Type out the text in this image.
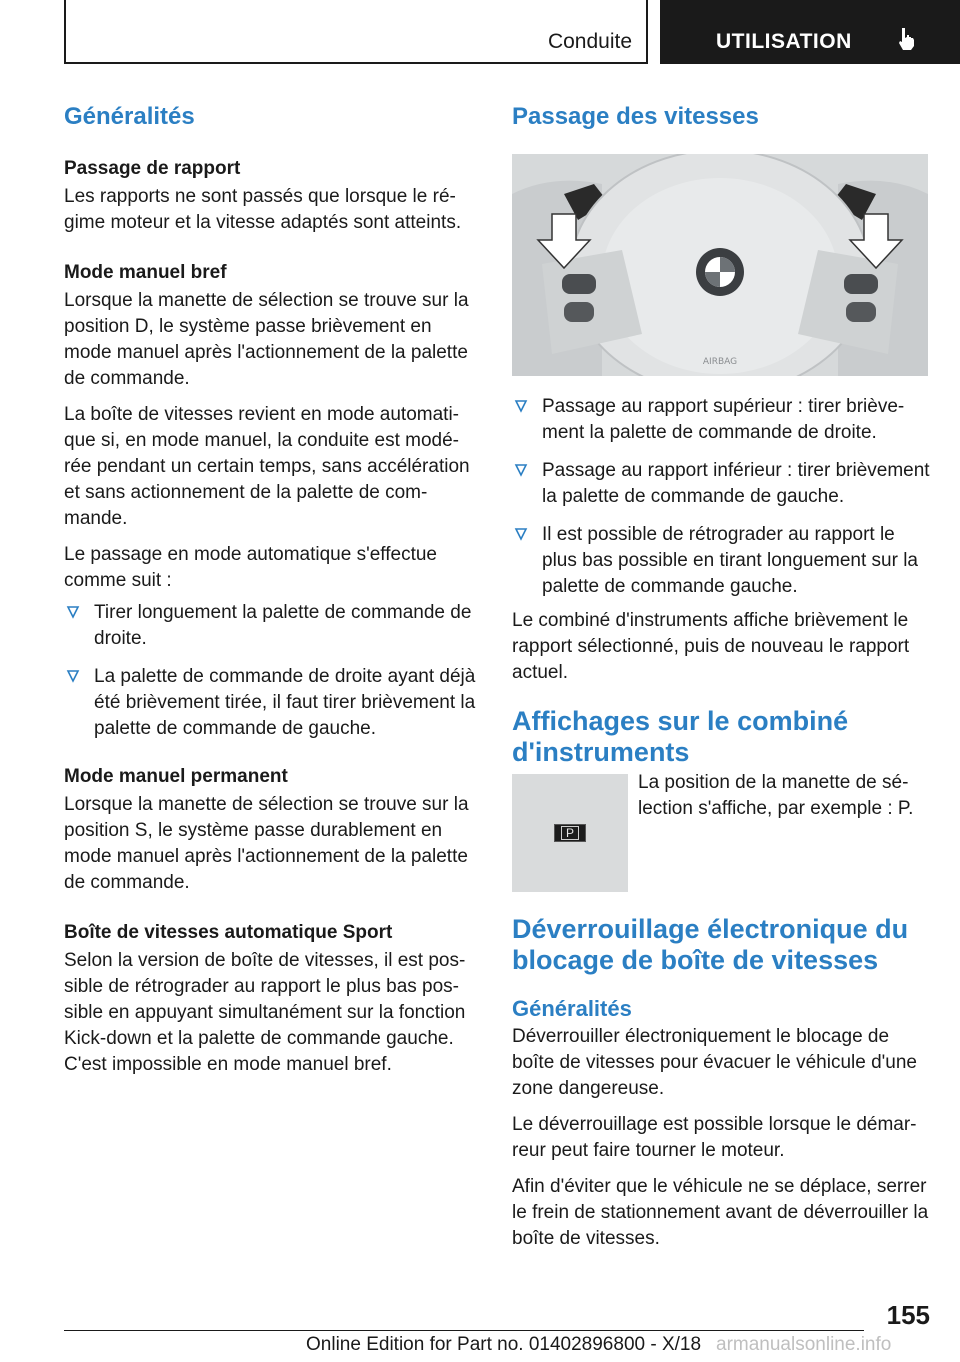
Conduite	UTILISATION
Généralités
Passage de rapport

Les rapports ne sont passés que lorsque le ré-gime moteur et la vitesse adaptés sont atteints.

Mode manuel bref

Lorsque la manette de sélection se trouve sur la position D, le système passe brièvement en mode manuel après l'actionnement de la palette de commande.

La boîte de vitesses revient en mode automati-que si, en mode manuel, la conduite est modé-rée pendant un certain temps, sans accélération et sans actionnement de la palette de com-mande.

Le passage en mode automatique s'effectue comme suit :

Tirer longuement la palette de commande de droite.
La palette de commande de droite ayant déjà été brièvement tirée, il faut tirer brièvement la palette de commande de gauche.
Mode manuel permanent

Lorsque la manette de sélection se trouve sur la position S, le système passe durablement en mode manuel après l'actionnement de la palette de commande.

Boîte de vitesses automatique Sport

Selon la version de boîte de vitesses, il est pos-sible de rétrograder au rapport le plus bas pos-sible en appuyant simultanément sur la fonction Kick-down et la palette de commande gauche. C'est impossible en mode manuel bref.

Passage des vitesses
AIRBAG
Passage au rapport supérieur : tirer briève-ment la palette de commande de droite.
Passage au rapport inférieur : tirer brièvement la palette de commande de gauche.
Il est possible de rétrograder au rapport le plus bas possible en tirant longuement sur la palette de commande gauche.

Le combiné d'instruments affiche brièvement le rapport sélectionné, puis de nouveau le rapport actuel.

Affichages sur le combiné d'instruments
P

La position de la manette de sé-lection s'affiche, par exemple : P.

Déverrouillage électronique du blocage de boîte de vitesses
Généralités

Déverrouiller électroniquement le blocage de boîte de vitesses pour évacuer le véhicule d'une zone dangereuse.

Le déverrouillage est possible lorsque le démar-reur peut faire tourner le moteur.

Afin d'éviter que le véhicule ne se déplace, serrer le frein de stationnement avant de déverrouiller la boîte de vitesses.

155
Online Edition for Part no. 01402896800 - X/18 armanualsonline.info
